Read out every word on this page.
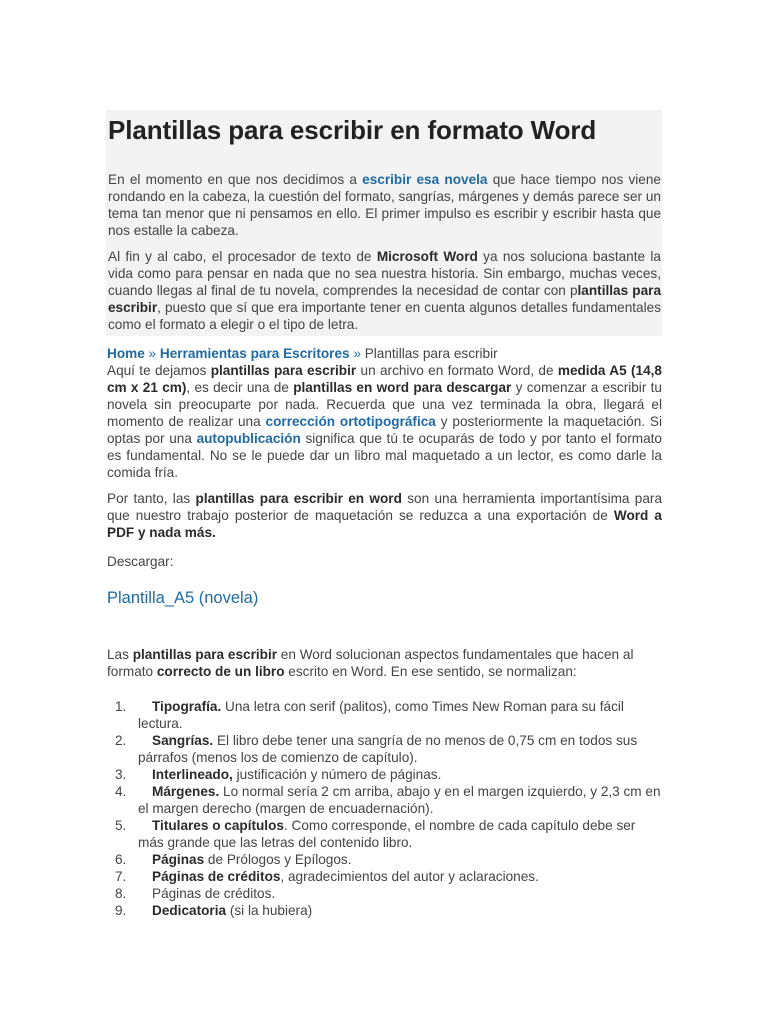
Plantillas para escribir en formato Word

En el momento en que nos decidimos a escribir esa novela que hace tiempo nos viene rondando en la cabeza, la cuestión del formato, sangrías, márgenes y demás parece ser un tema tan menor que ni pensamos en ello. El primer impulso es escribir y escribir hasta que nos estalle la cabeza.

Al fin y al cabo, el procesador de texto de Microsoft Word ya nos soluciona bastante la vida como para pensar en nada que no sea nuestra historia. Sin embargo, muchas veces, cuando llegas al final de tu novela, comprendes la necesidad de contar con plantillas para escribir, puesto que sí que era importante tener en cuenta algunos detalles fundamentales como el formato a elegir o el tipo de letra.

Home » Herramientas para Escritores » Plantillas para escribir

Aquí te dejamos plantillas para escribir un archivo en formato Word, de medida A5 (14,8 cm x 21 cm), es decir una de plantillas en word para descargar y comenzar a escribir tu novela sin preocuparte por nada. Recuerda que una vez terminada la obra, llegará el momento de realizar una corrección ortotipográfica y posteriormente la maquetación. Si optas por una autopublicación significa que tú te ocuparás de todo y por tanto el formato es fundamental. No se le puede dar un libro mal maquetado a un lector, es como darle la comida fría.

Por tanto, las plantillas para escribir en word son una herramienta importantísima para que nuestro trabajo posterior de maquetación se reduzca a una exportación de Word a PDF y nada más.

Descargar:
Plantilla_A5 (novela)

Las plantillas para escribir en Word solucionan aspectos fundamentales que hacen al formato correcto de un libro escrito en Word. En ese sentido, se normalizan:

1.	Tipografía. Una letra con serif (palitos), como Times New Roman para su fácil lectura.
2.	Sangrías. El libro debe tener una sangría de no menos de 0,75 cm en todos sus párrafos (menos los de comienzo de capítulo).
3.	Interlineado, justificación y número de páginas.
4.	Márgenes. Lo normal sería 2 cm arriba, abajo y en el margen izquierdo, y 2,3 cm en el margen derecho (margen de encuadernación).
5.	Titulares o capítulos. Como corresponde, el nombre de cada capítulo debe ser más grande que las letras del contenido libro.
6.	Páginas de Prólogos y Epílogos.
7.	Páginas de créditos, agradecimientos del autor y aclaraciones.
8.	Páginas de créditos.
9.	Dedicatoria (si la hubiera)
